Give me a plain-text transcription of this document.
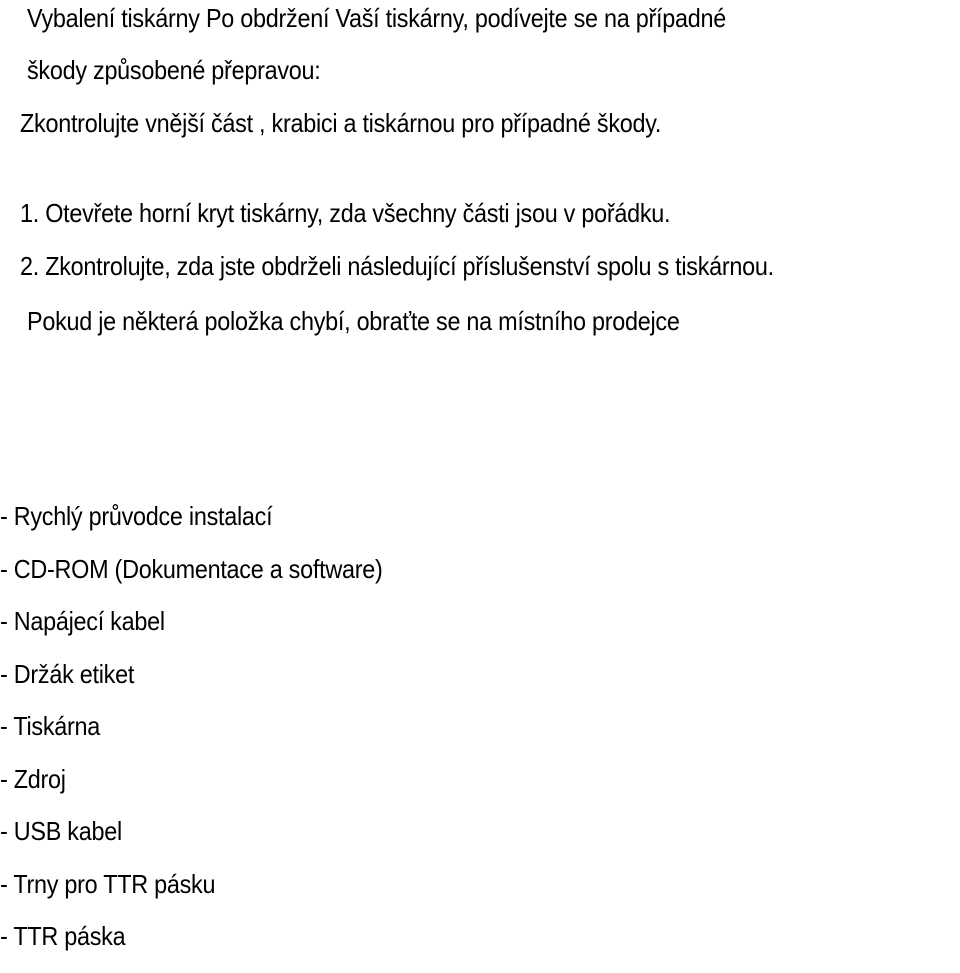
Vybalení tiskárny Po obdržení Vaší tiskárny, podívejte se na případné
škody způsobené přepravou:
Zkontrolujte vnější část , krabici a tiskárnou pro případné škody.
1. Otevřete horní kryt tiskárny, zda všechny části jsou v pořádku.
2. Zkontrolujte, zda jste obdrželi následující příslušenství spolu s tiskárnou.
Pokud je některá položka chybí, obraťte se na místního prodejce
- Rychlý průvodce instalací
- CD-ROM (Dokumentace a software)
- Napájecí kabel
- Držák etiket
- Tiskárna
- Zdroj
- USB kabel
- Trny pro TTR pásku
- TTR páska
